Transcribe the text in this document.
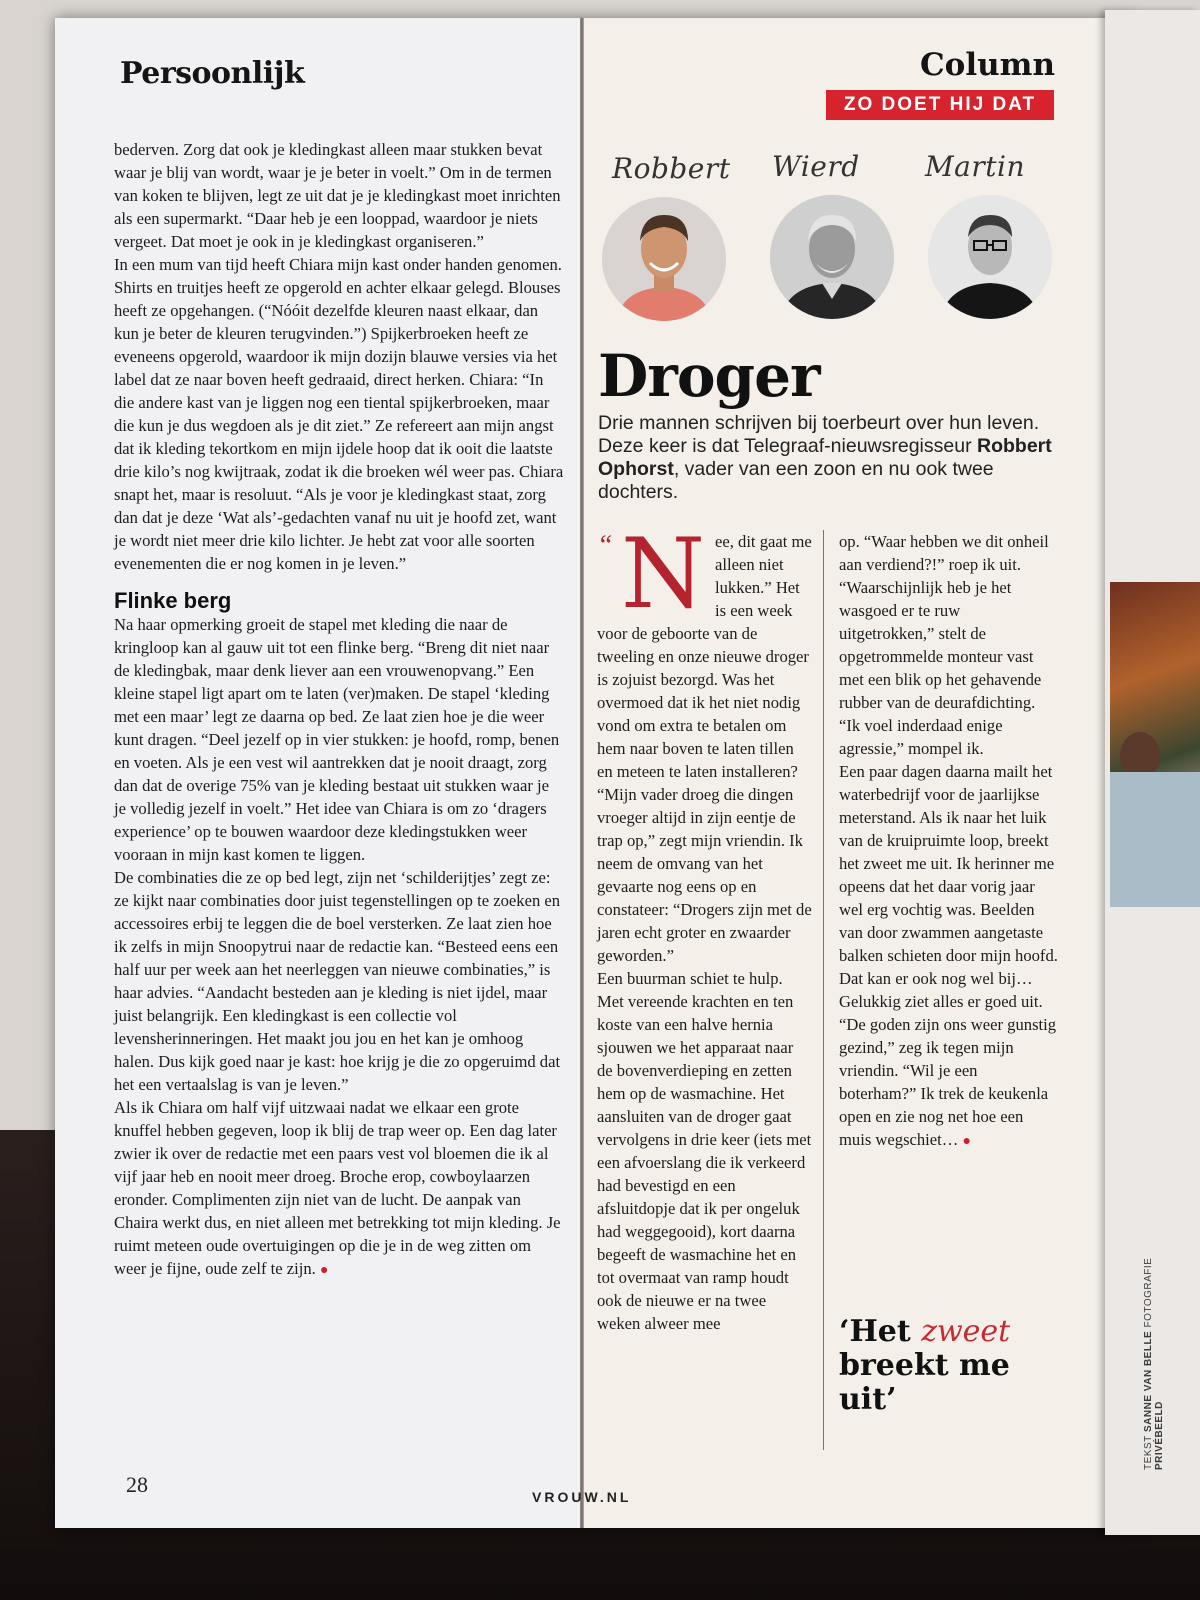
Persoonlijk

bederven. Zorg dat ook je kledingkast alleen maar stukken bevat waar je blij van wordt, waar je je beter in voelt.” Om in de termen van koken te blijven, legt ze uit dat je je kledingkast moet inrichten als een supermarkt. “Daar heb je een looppad, waardoor je niets vergeet. Dat moet je ook in je kledingkast organiseren.”

In een mum van tijd heeft Chiara mijn kast onder handen genomen. Shirts en truitjes heeft ze opgerold en achter elkaar gelegd. Blouses heeft ze opgehangen. (“Nóóit dezelfde kleuren naast elkaar, dan kun je beter de kleuren terugvinden.”) Spijkerbroeken heeft ze eveneens opgerold, waardoor ik mijn dozijn blauwe versies via het label dat ze naar boven heeft gedraaid, direct herken. Chiara: “In die andere kast van je liggen nog een tiental spijkerbroeken, maar die kun je dus wegdoen als je dit ziet.” Ze refereert aan mijn angst dat ik kleding tekortkom en mijn ijdele hoop dat ik ooit die laatste drie kilo’s nog kwijtraak, zodat ik die broeken wél weer pas. Chiara snapt het, maar is resoluut. “Als je voor je kledingkast staat, zorg dan dat je deze ‘Wat als’-gedachten vanaf nu uit je hoofd zet, want je wordt niet meer drie kilo lichter. Je hebt zat voor alle soorten evenementen die er nog komen in je leven.”

Flinke berg

Na haar opmerking groeit de stapel met kleding die naar de kringloop kan al gauw uit tot een flinke berg. “Breng dit niet naar de kledingbak, maar denk liever aan een vrouwenopvang.” Een kleine stapel ligt apart om te laten (ver)maken. De stapel ‘kleding met een maar’ legt ze daarna op bed. Ze laat zien hoe je die weer kunt dragen. “Deel jezelf op in vier stukken: je hoofd, romp, benen en voeten. Als je een vest wil aantrekken dat je nooit draagt, zorg dan dat de overige 75% van je kleding bestaat uit stukken waar je je volledig jezelf in voelt.” Het idee van Chiara is om zo ‘dragers experience’ op te bouwen waardoor deze kledingstukken weer vooraan in mijn kast komen te liggen.

De combinaties die ze op bed legt, zijn net ‘schilderijtjes’ zegt ze: ze kijkt naar combinaties door juist tegenstellingen op te zoeken en accessoires erbij te leggen die de boel versterken. Ze laat zien hoe ik zelfs in mijn Snoopytrui naar de redactie kan. “Besteed eens een half uur per week aan het neerleggen van nieuwe combinaties,” is haar advies. “Aandacht besteden aan je kleding is niet ijdel, maar juist belangrijk. Een kledingkast is een collectie vol levensherinneringen. Het maakt jou jou en het kan je omhoog halen. Dus kijk goed naar je kast: hoe krijg je die zo opgeruimd dat het een vertaalslag is van je leven.”

Als ik Chiara om half vijf uitzwaai nadat we elkaar een grote knuffel hebben gegeven, loop ik blij de trap weer op. Een dag later zwier ik over de redactie met een paars vest vol bloemen die ik al vijf jaar heb en nooit meer droeg. Broche erop, cowboylaarzen eronder. Complimenten zijn niet van de lucht. De aanpak van Chaira werkt dus, en niet alleen met betrekking tot mijn kleding. Je ruimt meteen oude overtuigingen op die je in de weg zitten om weer je fijne, oude zelf te zijn. ●

28	VROUW.NL
Column
ZO DOET HIJ DAT
Robbert Wierd Martin
Droger
Drie mannen schrijven bij toerbeurt over hun leven. Deze keer is dat Telegraaf-nieuwsregisseur Robbert Ophorst, vader van een zoon en nu ook twee dochters.
“ N ee, dit gaat me alleen niet lukken.” Het is een week voor de geboorte van de tweeling en onze nieuwe droger is zojuist bezorgd. Was het overmoed dat ik het niet nodig vond om extra te betalen om hem naar boven te laten tillen en meteen te laten installeren? “Mijn vader droeg die dingen vroeger altijd in zijn eentje de trap op,” zegt mijn vriendin. Ik neem de omvang van het gevaarte nog eens op en constateer: “Drogers zijn met de jaren echt groter en zwaarder geworden.”

Een buurman schiet te hulp. Met vereende krachten en ten koste van een halve hernia sjouwen we het apparaat naar de bovenverdieping en zetten hem op de wasmachine. Het aansluiten van de droger gaat vervolgens in drie keer (iets met een afvoerslang die ik verkeerd had bevestigd en een afsluitdopje dat ik per ongeluk had weggegooid), kort daarna begeeft de wasmachine het en tot overmaat van ramp houdt ook de nieuwe er na twee weken alweer mee

op. “Waar hebben we dit onheil aan verdiend?!” roep ik uit. “Waarschijnlijk heb je het wasgoed er te ruw uitgetrokken,” stelt de opgetrommelde monteur vast met een blik op het gehavende rubber van de deurafdichting. “Ik voel inderdaad enige agressie,” mompel ik.

Een paar dagen daarna mailt het waterbedrijf voor de jaarlijkse meterstand. Als ik naar het luik van de kruipruimte loop, breekt het zweet me uit. Ik herinner me opeens dat het daar vorig jaar wel erg vochtig was. Beelden van door zwammen aangetaste balken schieten door mijn hoofd. Dat kan er ook nog wel bij…

Gelukkig ziet alles er goed uit. “De goden zijn ons weer gunstig gezind,” zeg ik tegen mijn vriendin. “Wil je een boterham?” Ik trek de keukenla open en zie nog net hoe een muis wegschiet… ●

‘Het zweet breekt me uit’
TEKST SANNE VAN BELLE FOTOGRAFIE PRIVÉBEELD
